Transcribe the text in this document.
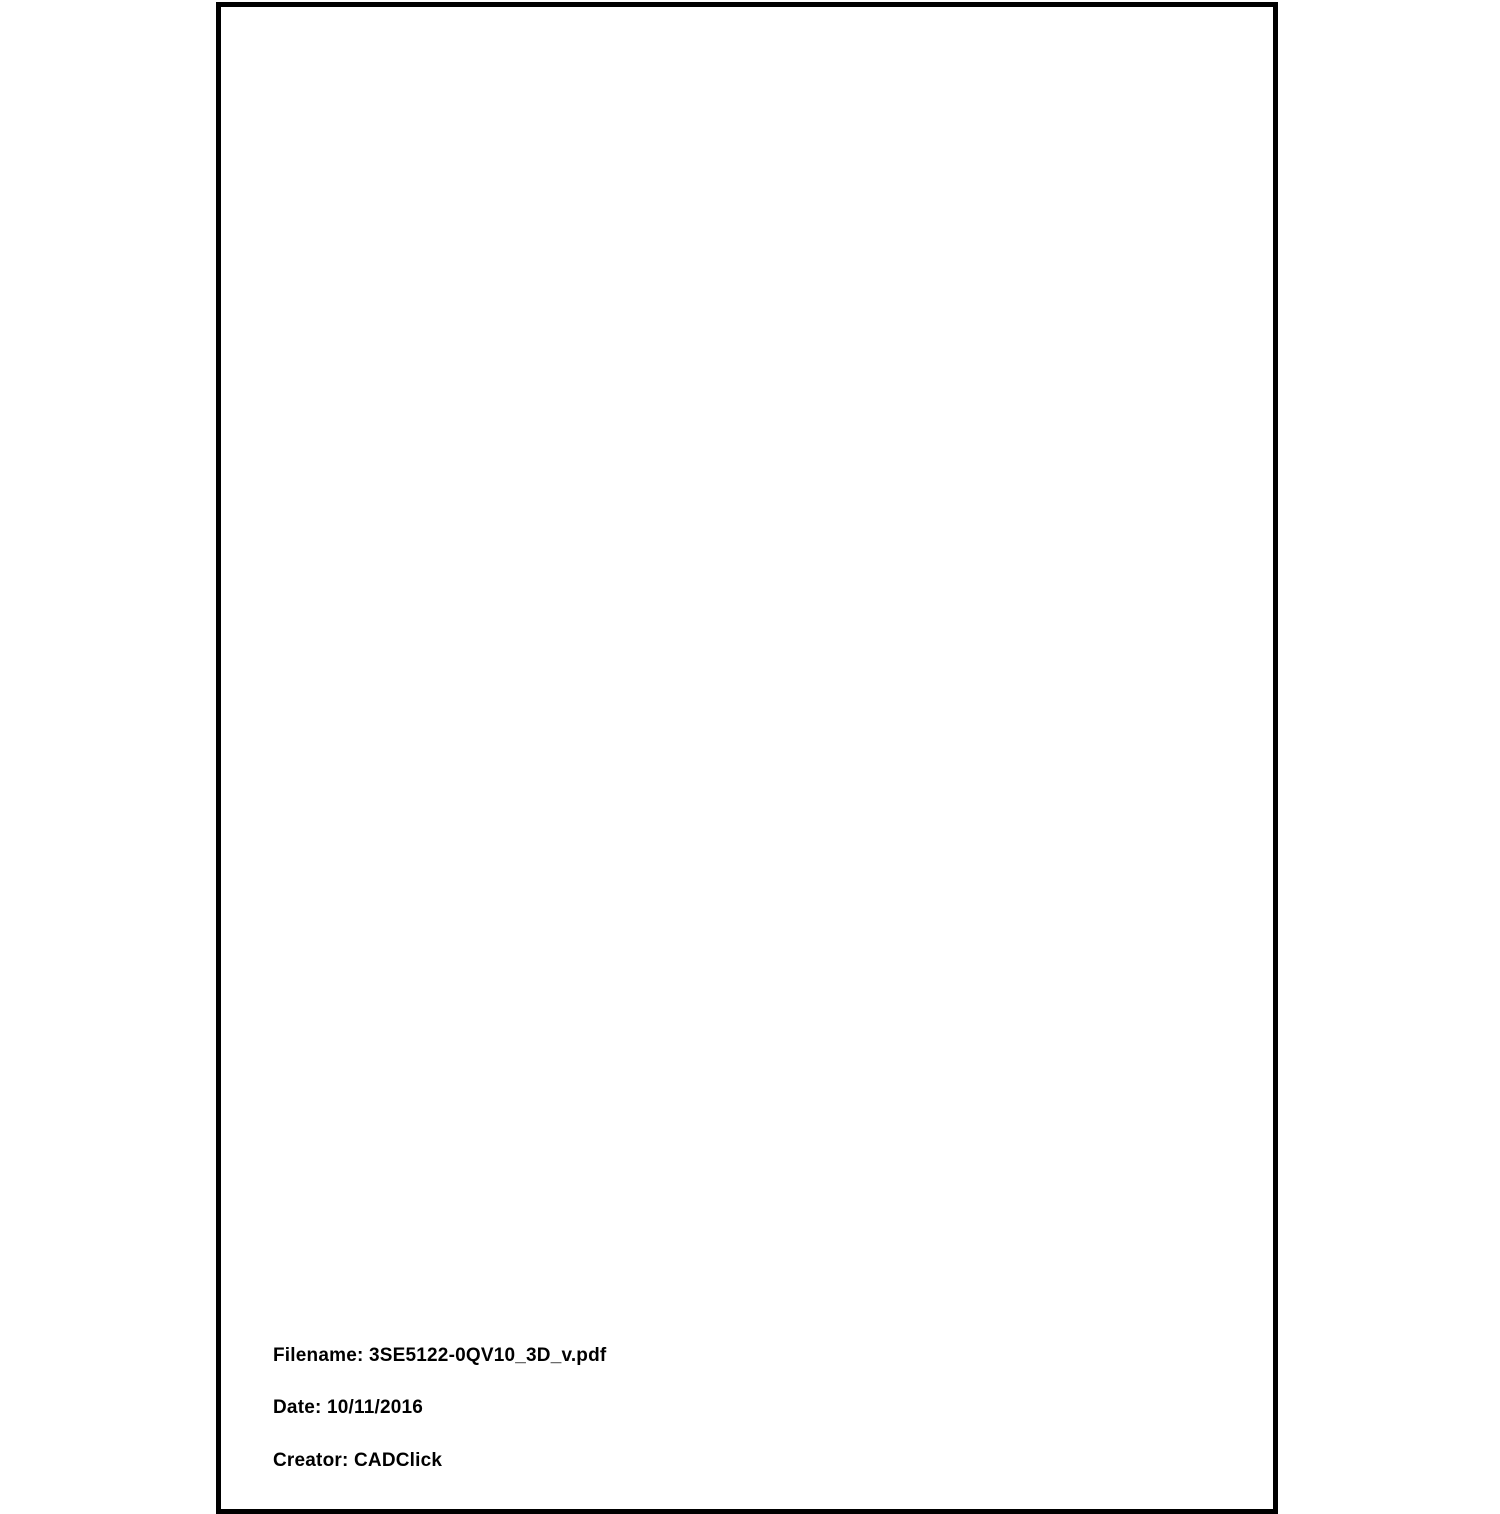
Filename: 3SE5122-0QV10_3D_v.pdf
Date: 10/11/2016
Creator: CADClick
